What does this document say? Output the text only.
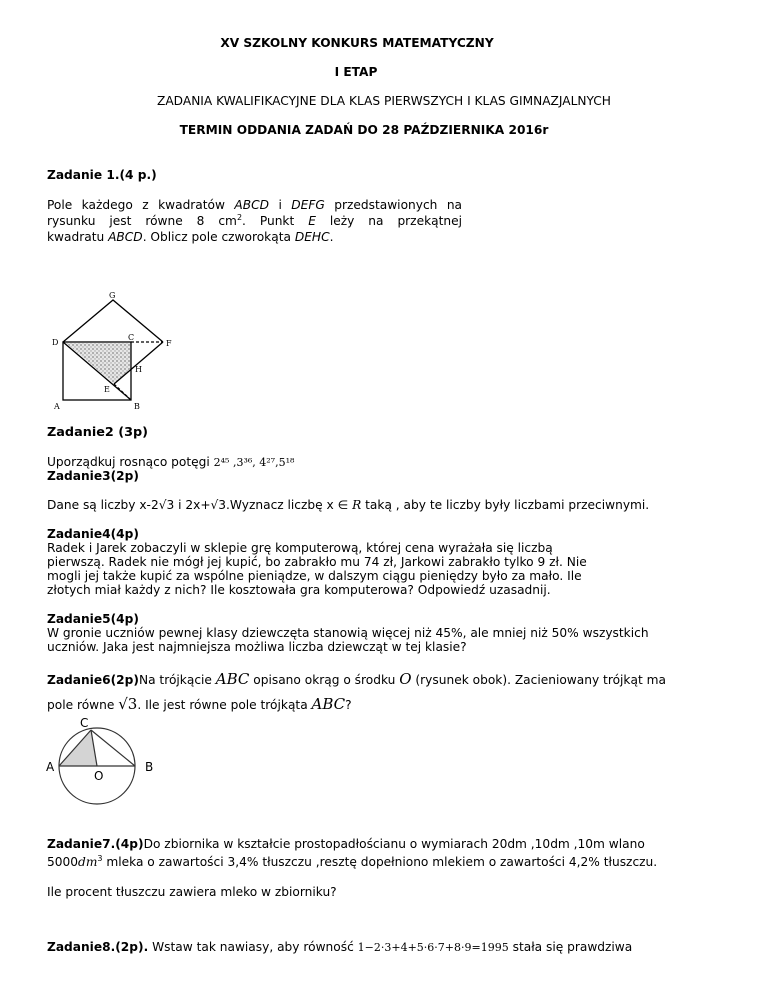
XV SZKOLNY KONKURS MATEMATYCZNY
I ETAP
ZADANIA KWALIFIKACYJNE DLA KLAS PIERWSZYCH I KLAS GIMNAZJALNYCH
TERMIN ODDANIA ZADAŃ DO 28 PAŹDZIERNIKA 2016r
Zadanie 1.(4 p.)
Pole każdego z kwadratów ABCD i DEFG przedstawionych na
rysunku jest równe 8 $cm^2$. Punkt E leży na przekątnej
kwadratu ABCD. Oblicz pole czworokąta DEHC.
G
D
C
F
H
E
A	B
Zadanie2 (3p)
Uporządkuj rosnąco potęgi 2⁴⁵ ,3³⁶, 4²⁷,5¹⁸
Zadanie3(2p)
Dane są liczby x-2√3 i 2x+√3.Wyznacz liczbę x ∈ R taką , aby te liczby były liczbami przeciwnymi.
Zadanie4(4p)
Radek i Jarek zobaczyli w sklepie grę komputerową, której cena wyrażała się liczbą
pierwszą. Radek nie mógł jej kupić, bo zabrakło mu 74 zł, Jarkowi zabrakło tylko 9 zł. Nie
mogli jej także kupić za wspólne pieniądze, w dalszym ciągu pieniędzy było za mało. Ile
złotych miał każdy z nich? Ile kosztowała gra komputerowa? Odpowiedź uzasadnij.
Zadanie5(4p)
W gronie uczniów pewnej klasy dziewczęta stanowią więcej niż 45%, ale mniej niż 50% wszystkich
uczniów. Jaka jest najmniejsza możliwa liczba dziewcząt w tej klasie?
Zadanie6(2p)Na trójkącie ABC opisano okrąg o środku O (rysunek obok). Zacieniowany trójkąt ma
pole równe √3. Ile jest równe pole trójkąta ABC?
C
A
O
B
Zadanie7.(4p)Do zbiornika w kształcie prostopadłościanu o wymiarach 20dm ,10dm ,10m wlano
$5000dm^3$ mleka o zawartości 3,4% tłuszczu ,resztę dopełniono mlekiem o zawartości 4,2% tłuszczu.
Ile procent tłuszczu zawiera mleko w zbiorniku?
Zadanie8.(2p). Wstaw tak nawiasy, aby równość 1−2·3+4+5·6·7+8·9=1995 stała się prawdziwa
